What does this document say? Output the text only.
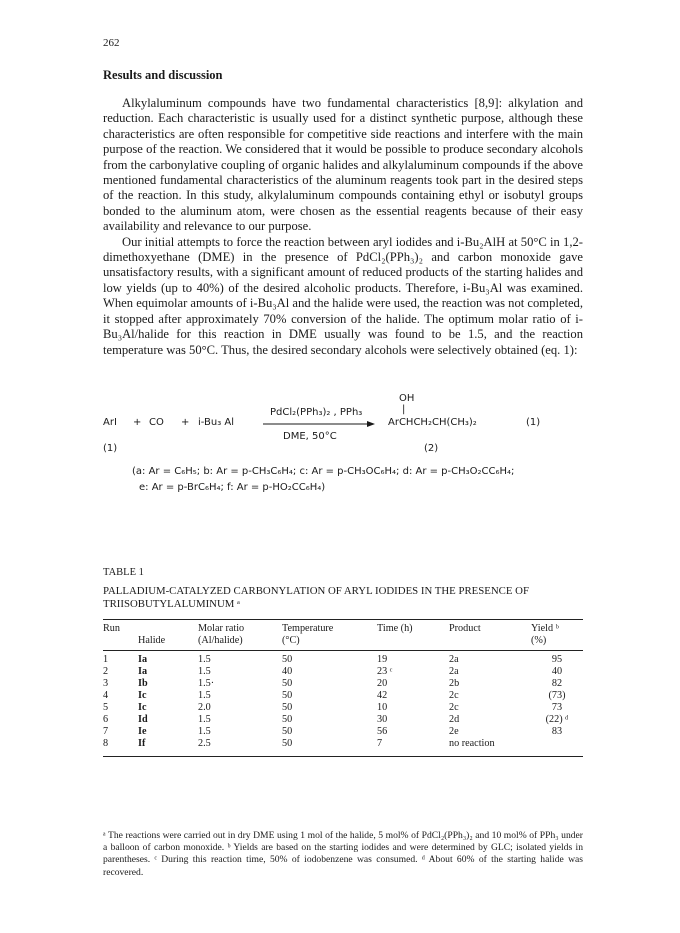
262
Results and discussion

Alkylaluminum compounds have two fundamental characteristics [8,9]: alkylation and reduction. Each characteristic is usually used for a distinct synthetic purpose, although these characteristics are often responsible for competitive side reactions and interfere with the main purpose of the reaction. We considered that it would be possible to produce secondary alcohols from the carbonylative coupling of organic halides and alkylaluminum compounds if the above mentioned fundamental characteristics of the aluminum reagents took part in the desired steps of the reaction. In this study, alkylaluminum compounds containing ethyl or isobutyl groups bonded to the aluminum atom, were chosen as the essential reagents because of their easy availability and relevance to our purpose.

Our initial attempts to force the reaction between aryl iodides and i-Bu₂AlH at 50°C in 1,2-dimethoxyethane (DME) in the presence of PdCl₂(PPh₃)₂ and carbon monoxide gave unsatisfactory results, with a significant amount of reduced products of the starting halides and low yields (up to 40%) of the desired alcoholic products. Therefore, i-Bu₃Al was examined. When equimolar amounts of i-Bu₃Al and the halide were used, the reaction was not completed, it stopped after approximately 70% conversion of the halide. The optimum molar ratio of i-Bu₃Al/halide for this reaction in DME usually was found to be 1.5, and the reaction temperature was 50°C. Thus, the desired secondary alcohols were selectively obtained (eq. 1):

OH
|
PdCl₂(PPh₃)₂ , PPh₃
ArI + CO + i-Bu₃ Al	ArCHCH₂CH(CH₃)₂	(1)
DME, 50°C
(1)	(2)
(a: Ar = C₆H₅; b: Ar = p-CH₃C₆H₄; c: Ar = p-CH₃OC₆H₄; d: Ar = p-CH₃O₂CC₆H₄;
e: Ar = p-BrC₆H₄; f: Ar = p-HO₂CC₆H₄)
TABLE 1

PALLADIUM-CATALYZED CARBONYLATION OF ARYL IODIDES IN THE PRESENCE OF TRIISOBUTYLALUMINUM ᵃ

Run		Molar ratio	Temperature	Time (h)	Product	Yield ᵇ
	Halide	(Al/halide)	(°C)			(%)
1	Ia	1.5	50	19	2a	95
2	Ia	1.5	40	23 ᶜ	2a	40
3	Ib	1.5·	50	20	2b	82
4	Ic	1.5	50	42	2c	(73)
5	Ic	2.0	50	10	2c	73
6	Id	1.5	50	30	2d	(22) ᵈ
7	Ie	1.5	50	56	2e	83
8	If	2.5	50	7	no reaction	

ᵃ The reactions were carried out in dry DME using 1 mol of the halide, 5 mol% of PdCl₂(PPh₃)₂ and 10 mol% of PPh₃ under a balloon of carbon monoxide. ᵇ Yields are based on the starting iodides and were determined by GLC; isolated yields in parentheses. ᶜ During this reaction time, 50% of iodobenzene was consumed. ᵈ About 60% of the starting halide was recovered.
